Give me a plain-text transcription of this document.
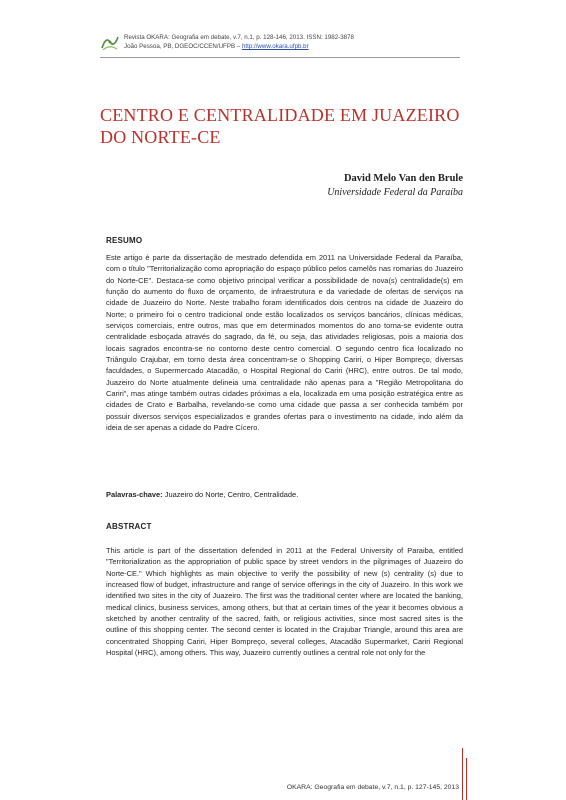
Revista OKARA: Geografia em debate, v.7, n.1, p. 128-146, 2013. ISSN: 1982-3878
João Pessoa, PB, DGEOC/CCEN/UFPB – http://www.okara.ufpb.br
CENTRO E CENTRALIDADE EM JUAZEIRO DO NORTE-CE
David Melo Van den Brule
Universidade Federal da Paraíba
RESUMO

Este artigo é parte da dissertação de mestrado defendida em 2011 na Universidade Federal da Paraíba, com o título "Territorialização como apropriação do espaço público pelos camelôs nas romarias do Juazeiro do Norte-CE". Destaca-se como objetivo principal verificar a possibilidade de nova(s) centralidade(s) em função do aumento do fluxo de orçamento, de infraestrutura e da variedade de ofertas de serviços na cidade de Juazeiro do Norte. Neste trabalho foram identificados dois centros na cidade de Juazeiro do Norte; o primeiro foi o centro tradicional onde estão localizados os serviços bancários, clínicas médicas, serviços comerciais, entre outros, mas que em determinados momentos do ano torna-se evidente outra centralidade esboçada através do sagrado, da fé, ou seja, das atividades religiosas, pois a maioria dos locais sagrados encontra-se no contorno deste centro comercial. O segundo centro fica localizado no Triângulo Crajubar, em torno desta área concentram-se o Shopping Cariri, o Hiper Bompreço, diversas faculdades, o Supermercado Atacadão, o Hospital Regional do Cariri (HRC), entre outros. De tal modo, Juazeiro do Norte atualmente delineia uma centralidade não apenas para a "Região Metropolitana do Cariri", mas atinge também outras cidades próximas a ela, localizada em uma posição estratégica entre as cidades de Crato e Barbalha, revelando-se como uma cidade que passa a ser conhecida também por possuir diversos serviços especializados e grandes ofertas para o investimento na cidade, indo além da ideia de ser apenas a cidade do Padre Cícero.

Palavras-chave: Juazeiro do Norte, Centro, Centralidade.

ABSTRACT

This article is part of the dissertation defended in 2011 at the Federal University of Paraiba, entitled "Territorialization as the appropriation of public space by street vendors in the pilgrimages of Juazeiro do Norte-CE." Which highlights as main objective to verify the possibility of new (s) centrality (s) due to increased flow of budget, infrastructure and range of service offerings in the city of Juazeiro. In this work we identified two sites in the city of Juazeiro. The first was the traditional center where are located the banking, medical clinics, business services, among others, but that at certain times of the year it becomes obvious a sketched by another centrality of the sacred, faith, or religious activities, since most sacred sites is the outline of this shopping center. The second center is located in the Crajubar Triangle, around this area are concentrated Shopping Cariri, Hiper Bompreço, several colleges, Atacadão Supermarket, Cariri Regional Hospital (HRC), among others. This way, Juazeiro currently outlines a central role not only for the

OKARA: Geografia em debate, v.7, n.1, p. 127-145, 2013
